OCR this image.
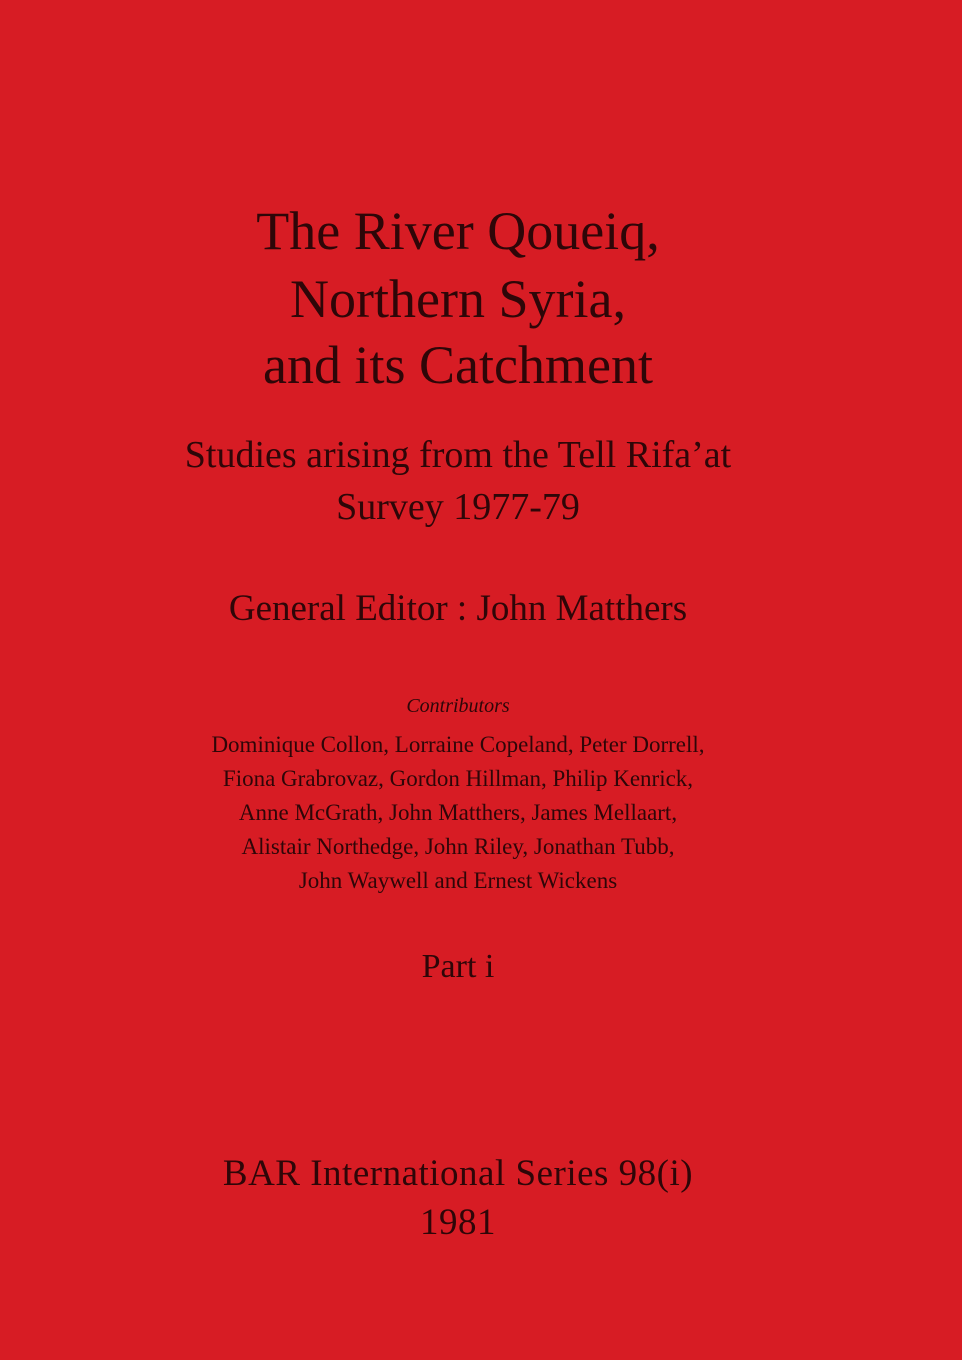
The River Qoueiq,
Northern Syria,
and its Catchment
Studies arising from the Tell Rifa’at
Survey 1977-79
General Editor : John Matthers
Contributors
Dominique Collon, Lorraine Copeland, Peter Dorrell,
Fiona Grabrovaz, Gordon Hillman, Philip Kenrick,
Anne McGrath, John Matthers, James Mellaart,
Alistair Northedge, John Riley, Jonathan Tubb,
John Waywell and Ernest Wickens
Part i
BAR International Series 98(i)
1981
